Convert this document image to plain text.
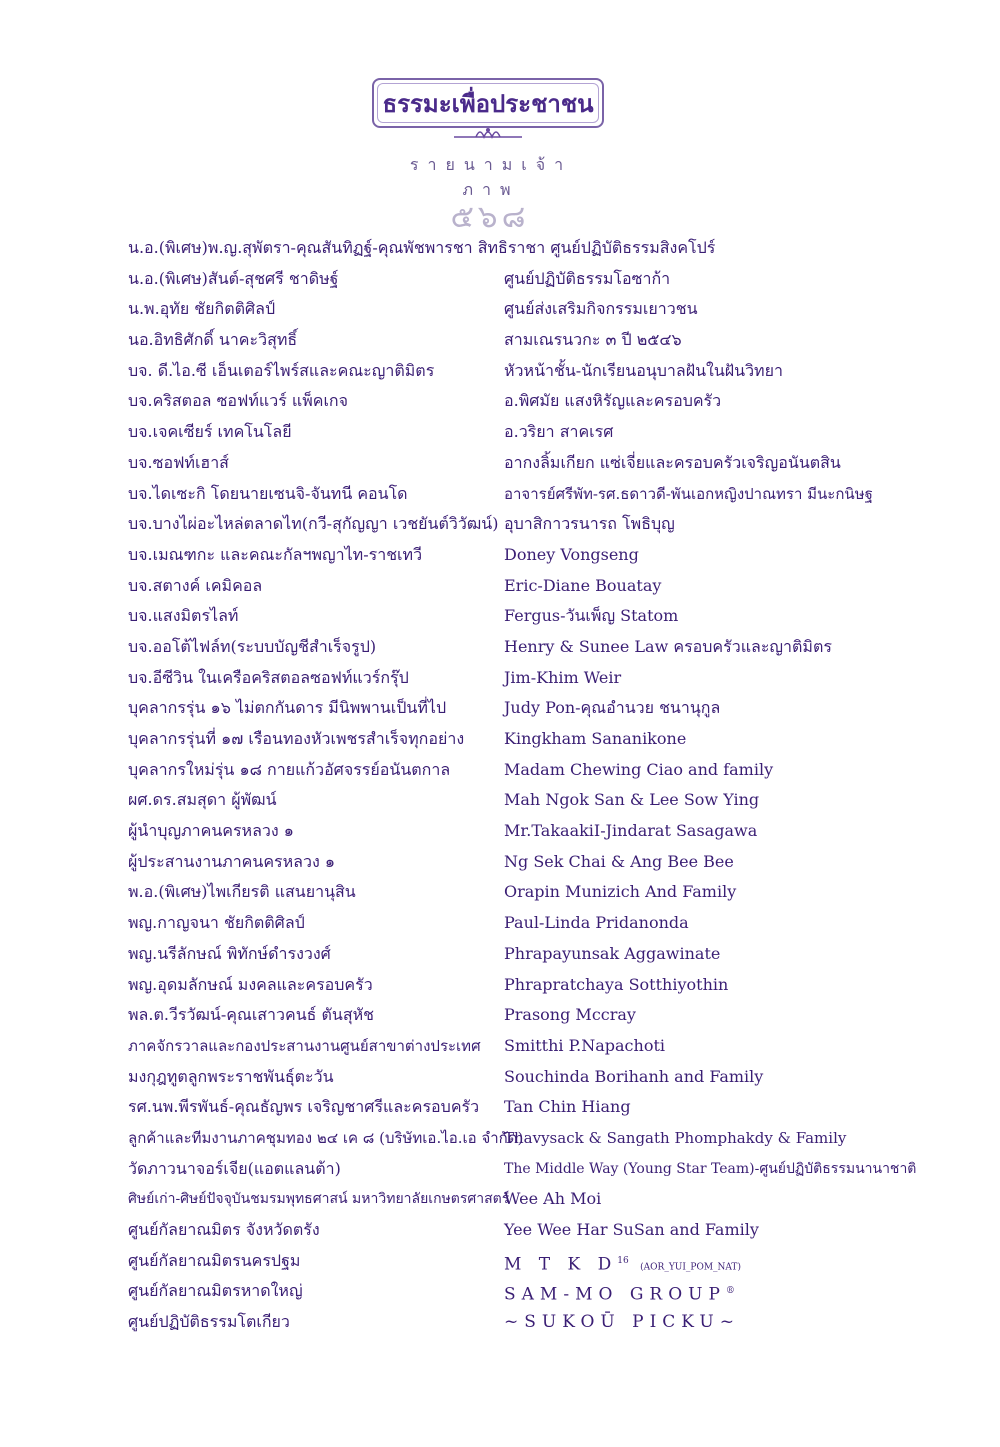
ธรรมะเพื่อประชาชน
รายนามเจ้าภาพ
๕๖๘
น.อ.(พิเศษ)พ.ญ.สุพัตรา-คุณสันทิฏฐ์-คุณพัชพารชา สิทธิราชา ศูนย์ปฏิบัติธรรมสิงคโปร์
น.อ.(พิเศษ)สันต์-สุชศรี ชาดิษฐ์
น.พ.อุทัย ชัยกิตติศิลป์
นอ.อิทธิศักดิ์ นาคะวิสุทธิ์
บจ. ดี.ไอ.ซี เอ็นเตอร์ไพร์สและคณะญาติมิตร
บจ.คริสตอล ซอฟท์แวร์ แพ็คเกจ
บจ.เจคเซียร์ เทคโนโลยี
บจ.ซอฟท์เฮาส์
บจ.ไดเซะกิ โดยนายเซนจิ-จันทนี คอนโด
บจ.บางไผ่อะไหล่ตลาดไท(กวี-สุกัญญา เวชยันต์วิวัฒน์)
บจ.เมณฑกะ และคณะกัลฯพญาไท-ราชเทวี
บจ.สตางค์ เคมิคอล
บจ.แสงมิตรไลท์
บจ.ออโต้ไฟล์ท(ระบบบัญชีสำเร็จรูป)
บจ.อีซีวิน ในเครือคริสตอลซอฟท์แวร์กรุ๊ป
บุคลากรรุ่น ๑๖ ไม่ตกกันดาร มีนิพพานเป็นที่ไป
บุคลากรรุ่นที่ ๑๗ เรือนทองหัวเพชรสำเร็จทุกอย่าง
บุคลากรใหม่รุ่น ๑๘ กายแก้วอัศจรรย์อนันตกาล
ผศ.ดร.สมสุดา ผู้พัฒน์
ผู้นำบุญภาคนครหลวง ๑
ผู้ประสานงานภาคนครหลวง ๑
พ.อ.(พิเศษ)ไพเกียรติ แสนยานุสิน
พญ.กาญจนา ชัยกิตติศิลป์
พญ.นรีลักษณ์ พิทักษ์ดำรงวงศ์
พญ.อุดมลักษณ์ มงคลและครอบครัว
พล.ต.วีรวัฒน์-คุณเสาวคนธ์ ตันสุหัช
ภาคจักรวาลและกองประสานงานศูนย์สาขาต่างประเทศ
มงกุฎทูตลูกพระราชพันธุ์ตะวัน
รศ.นพ.พีรพันธ์-คุณธัญพร เจริญชาศรีและครอบครัว
ลูกค้าและทีมงานภาคชุมทอง ๒๔ เค ๘ (บริษัทเอ.ไอ.เอ จำกัด)
วัดภาวนาจอร์เจีย(แอตแลนต้า)
ศิษย์เก่า-ศิษย์ปัจจุบันชมรมพุทธศาสน์ มหาวิทยาลัยเกษตรศาสตร์
ศูนย์กัลยาณมิตร จังหวัดตรัง
ศูนย์กัลยาณมิตรนครปฐม
ศูนย์กัลยาณมิตรหาดใหญ่
ศูนย์ปฏิบัติธรรมโตเกียว
ศูนย์ปฏิบัติธรรมโอซาก้า
ศูนย์ส่งเสริมกิจกรรมเยาวชน
สามเณรนวกะ ๓ ปี ๒๕๔๖
หัวหน้าชั้น-นักเรียนอนุบาลฝันในฝันวิทยา
อ.พิศมัย แสงหิรัญและครอบครัว
อ.วริยา สาคเรศ
อากงลิ้มเกียก แซ่เจี่ยและครอบครัวเจริญอนันตสิน
อาจารย์ศรีพัท-รศ.ธดาวดี-พันเอกหญิงปาณทรา มีนะกนิษฐ
อุบาสิกาวรนารถ โพธิบุญ
Doney Vongseng
Eric-Diane Bouatay
Fergus-วันเพ็ญ Statom
Henry & Sunee Law ครอบครัวและญาติมิตร
Jim-Khim Weir
Judy Pon-คุณอำนวย ชนานุกูล
Kingkham Sananikone
Madam Chewing Ciao and family
Mah Ngok San & Lee Sow Ying
Mr.TakaakiI-Jindarat Sasagawa
Ng Sek Chai & Ang Bee Bee
Orapin Munizich And Family
Paul-Linda Pridanonda
Phrapayunsak Aggawinate
Phrapratchaya Sotthiyothin
Prasong Mccray
Smitthi P.Napachoti
Souchinda Borihanh and Family
Tan Chin Hiang
Thavysack & Sangath Phomphakdy & Family
The Middle Way (Young Star Team)-ศูนย์ปฏิบัติธรรมนานาชาติ
Wee Ah Moi
Yee Wee Har SuSan and Family
M T K $D^{16}$ (AOR_YUI_POM_NAT)
SAM-MO GROUP®
~SUKOŪ PICKU~
